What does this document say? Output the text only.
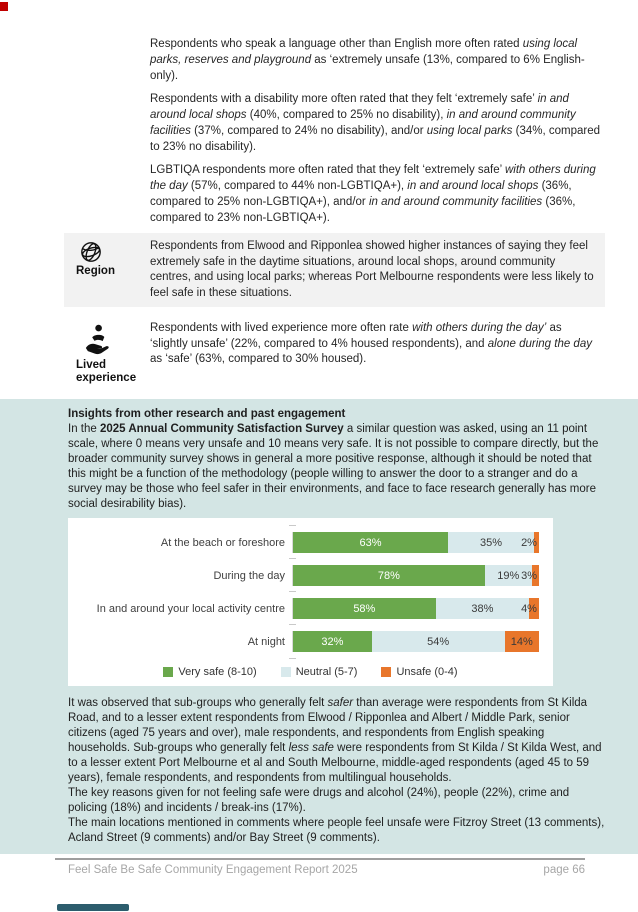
Respondents who speak a language other than English more often rated using local parks, reserves and playground as ‘extremely unsafe (13%, compared to 6% English-only).

Respondents with a disability more often rated that they felt ‘extremely safe’ in and around local shops (40%, compared to 25% no disability), in and around community facilities (37%, compared to 24% no disability), and/or using local parks (34%, compared to 23% no disability).

LGBTIQA respondents more often rated that they felt ‘extremely safe’ with others during the day (57%, compared to 44% non-LGBTIQA+), in and around local shops (36%, compared to 25% non-LGBTIQA+), and/or in and around community facilities (36%, compared to 23% non-LGBTIQA+).

Region
Respondents from Elwood and Ripponlea showed higher instances of saying they feel extremely safe in the daytime situations, around local shops, around community centres, and using local parks; whereas Port Melbourne respondents were less likely to feel safe in these situations.
Lived experience
Respondents with lived experience more often rate with others during the day’ as ‘slightly unsafe’ (22%, compared to 4% housed respondents), and alone during the day as ‘safe’ (63%, compared to 30% housed).

Insights from other research and past engagement

In the 2025 Annual Community Satisfaction Survey a similar question was asked, using an 11 point scale, where 0 means very unsafe and 10 means very safe. It is not possible to compare directly, but the broader community survey shows in general a more positive response, although it should be noted that this might be a function of the methodology (people willing to answer the door to a stranger and do a survey may be those who feel safer in their environments, and face to face research generally has more social desirability bias).

At the beach or foreshore	63%	35% 2%
During the day	78%	19% 3%
In and around your local activity centre	58%	38%	4%
At night	32%	54%	14%
Very safe (8-10)	Neutral (5-7)	Unsafe (0-4)

It was observed that sub-groups who generally felt safer than average were respondents from St Kilda Road, and to a lesser extent respondents from Elwood / Ripponlea and Albert / Middle Park, senior citizens (aged 75 years and over), male respondents, and respondents from English speaking households. Sub-groups who generally felt less safe were respondents from St Kilda / St Kilda West, and to a lesser extent Port Melbourne et al and South Melbourne, middle-aged respondents (aged 45 to 59 years), female respondents, and respondents from multilingual households.

The key reasons given for not feeling safe were drugs and alcohol (24%), people (22%), crime and policing (18%) and incidents / break-ins (17%).

The main locations mentioned in comments where people feel unsafe were Fitzroy Street (13 comments), Acland Street (9 comments) and/or Bay Street (9 comments).

Feel Safe Be Safe Community Engagement Report 2025	page 66
